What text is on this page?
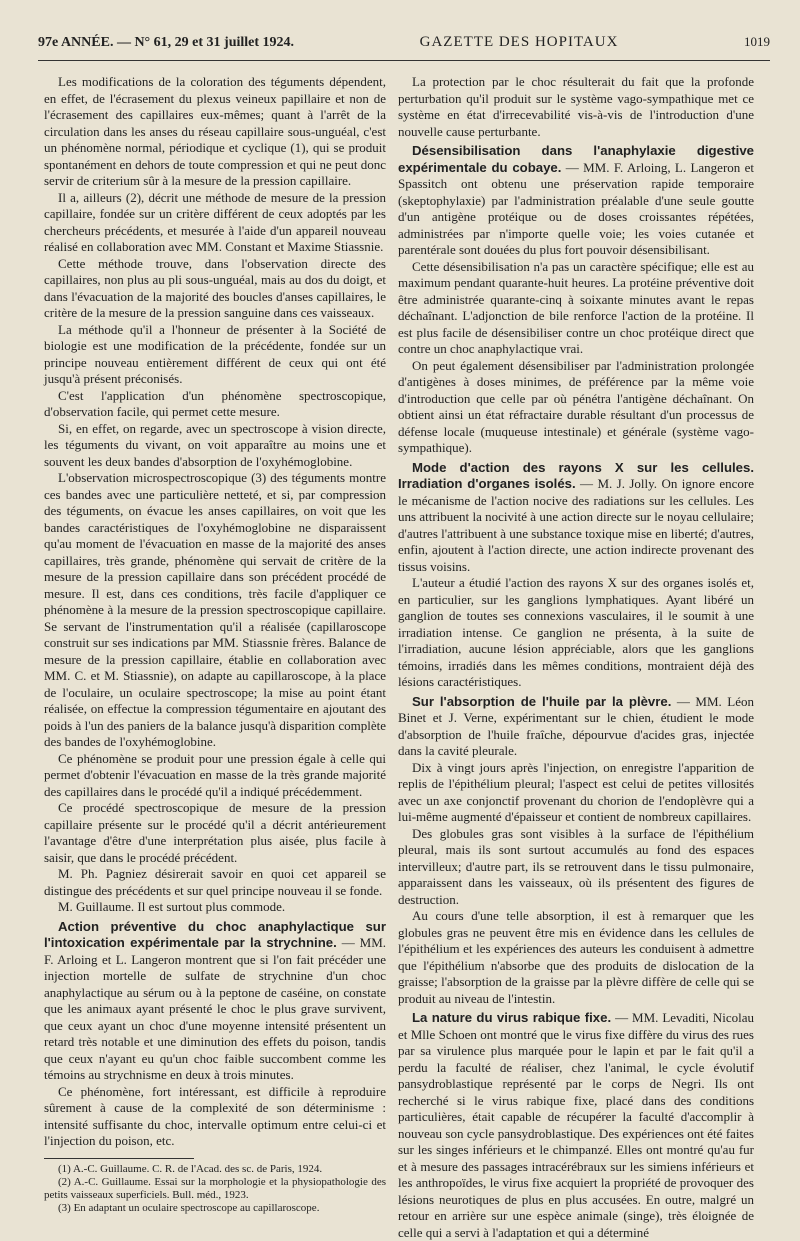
97e ANNÉE. — N° 61, 29 et 31 juillet 1924.	GAZETTE DES HOPITAUX	1019

Les modifications de la coloration des téguments dépendent, en effet, de l'écrasement du plexus veineux papillaire et non de l'écrasement des capillaires eux-mêmes; quant à l'arrêt de la circulation dans les anses du réseau capillaire sous-unguéal, c'est un phénomène normal, périodique et cyclique (1), qui se produit spontanément en dehors de toute compression et qui ne peut donc servir de criterium sûr à la mesure de la pression capillaire.

Il a, ailleurs (2), décrit une méthode de mesure de la pression capillaire, fondée sur un critère différent de ceux adoptés par les chercheurs précédents, et mesurée à l'aide d'un appareil nouveau réalisé en collaboration avec MM. Constant et Maxime Stiassnie.

Cette méthode trouve, dans l'observation directe des capillaires, non plus au pli sous-unguéal, mais au dos du doigt, et dans l'évacuation de la majorité des boucles d'anses capillaires, le critère de la mesure de la pression sanguine dans ces vaisseaux.

La méthode qu'il a l'honneur de présenter à la Société de biologie est une modification de la précédente, fondée sur un principe nouveau entièrement différent de ceux qui ont été jusqu'à présent préconisés.

C'est l'application d'un phénomène spectroscopique, d'observation facile, qui permet cette mesure.

Si, en effet, on regarde, avec un spectroscope à vision directe, les téguments du vivant, on voit apparaître au moins une et souvent les deux bandes d'absorption de l'oxyhémoglobine.

L'observation microspectroscopique (3) des téguments montre ces bandes avec une particulière netteté, et si, par compression des téguments, on évacue les anses capillaires, on voit que les bandes caractéristiques de l'oxyhémoglobine ne disparaissent qu'au moment de l'évacuation en masse de la majorité des anses capillaires, très grande, phénomène qui servait de critère de la mesure de la pression capillaire dans son précédent procédé de mesure. Il est, dans ces conditions, très facile d'appliquer ce phénomène à la mesure de la pression spectroscopique capillaire. Se servant de l'instrumentation qu'il a réalisée (capillaroscope construit sur ses indications par MM. Stiassnie frères. Balance de mesure de la pression capillaire, établie en collaboration avec MM. C. et M. Stiassnie), on adapte au capillaroscope, à la place de l'oculaire, un oculaire spectroscope; la mise au point étant réalisée, on effectue la compression tégumentaire en ajoutant des poids à l'un des paniers de la balance jusqu'à disparition complète des bandes de l'oxyhémoglobine.

Ce phénomène se produit pour une pression égale à celle qui permet d'obtenir l'évacuation en masse de la très grande majorité des capillaires dans le procédé qu'il a indiqué précédemment.

Ce procédé spectroscopique de mesure de la pression capillaire présente sur le procédé qu'il a décrit antérieurement l'avantage d'être d'une interprétation plus aisée, plus facile à saisir, que dans le procédé précédent.

M. Ph. Pagniez désirerait savoir en quoi cet appareil se distingue des précédents et sur quel principe nouveau il se fonde.

M. Guillaume. Il est surtout plus commode.

Action préventive du choc anaphylactique sur l'intoxication expérimentale par la strychnine. — MM. F. Arloing et L. Langeron montrent que si l'on fait précéder une injection mortelle de sulfate de strychnine d'un choc anaphylactique au sérum ou à la peptone de caséine, on constate que les animaux ayant présenté le choc le plus grave survivent, que ceux ayant un choc d'une moyenne intensité présentent un retard très notable et une diminution des effets du poison, tandis que ceux n'ayant eu qu'un choc faible succombent comme les témoins au strychnisme en deux à trois minutes.

Ce phénomène, fort intéressant, est difficile à reproduire sûrement à cause de la complexité de son déterminisme : intensité suffisante du choc, intervalle optimum entre celui-ci et l'injection du poison, etc.

(1) A.-C. Guillaume. C. R. de l'Acad. des sc. de Paris, 1924.

(2) A.-C. Guillaume. Essai sur la morphologie et la physiopathologie des petits vaisseaux superficiels. Bull. méd., 1923.

(3) En adaptant un oculaire spectroscope au capillaroscope.

La protection par le choc résulterait du fait que la profonde perturbation qu'il produit sur le système vago-sympathique met ce système en état d'irrecevabilité vis-à-vis de l'introduction d'une nouvelle cause perturbante.

Désensibilisation dans l'anaphylaxie digestive expérimentale du cobaye. — MM. F. Arloing, L. Langeron et Spassitch ont obtenu une préservation rapide temporaire (skeptophylaxie) par l'administration préalable d'une seule goutte d'un antigène protéique ou de doses croissantes répétées, administrées par n'importe quelle voie; les voies cutanée et parentérale sont douées du plus fort pouvoir désensibilisant.

Cette désensibilisation n'a pas un caractère spécifique; elle est au maximum pendant quarante-huit heures. La protéine préventive doit être administrée quarante-cinq à soixante minutes avant le repas déchaînant. L'adjonction de bile renforce l'action de la protéine. Il est plus facile de désensibiliser contre un choc protéique direct que contre un choc anaphylactique vrai.

On peut également désensibiliser par l'administration prolongée d'antigènes à doses minimes, de préférence par la même voie d'introduction que celle par où pénétra l'antigène déchaînant. On obtient ainsi un état réfractaire durable résultant d'un processus de défense locale (muqueuse intestinale) et générale (système vago-sympathique).

Mode d'action des rayons X sur les cellules. Irradiation d'organes isolés. — M. J. Jolly. On ignore encore le mécanisme de l'action nocive des radiations sur les cellules. Les uns attribuent la nocivité à une action directe sur le noyau cellulaire; d'autres l'attribuent à une substance toxique mise en liberté; d'autres, enfin, ajoutent à l'action directe, une action indirecte provenant des tissus voisins.

L'auteur a étudié l'action des rayons X sur des organes isolés et, en particulier, sur les ganglions lymphatiques. Ayant libéré un ganglion de toutes ses connexions vasculaires, il le soumit à une irradiation intense. Ce ganglion ne présenta, à la suite de l'irradiation, aucune lésion appréciable, alors que les ganglions témoins, irradiés dans les mêmes conditions, montraient déjà des lésions caractéristiques.

Sur l'absorption de l'huile par la plèvre. — MM. Léon Binet et J. Verne, expérimentant sur le chien, étudient le mode d'absorption de l'huile fraîche, dépourvue d'acides gras, injectée dans la cavité pleurale.

Dix à vingt jours après l'injection, on enregistre l'apparition de replis de l'épithélium pleural; l'aspect est celui de petites villosités avec un axe conjonctif provenant du chorion de l'endoplèvre qui a lui-même augmenté d'épaisseur et contient de nombreux capillaires.

Des globules gras sont visibles à la surface de l'épithélium pleural, mais ils sont surtout accumulés au fond des espaces intervilleux; d'autre part, ils se retrouvent dans le tissu pulmonaire, apparaissent dans les vaisseaux, où ils présentent des figures de destruction.

Au cours d'une telle absorption, il est à remarquer que les globules gras ne peuvent être mis en évidence dans les cellules de l'épithélium et les expériences des auteurs les conduisent à admettre que l'épithélium n'absorbe que des produits de dislocation de la graisse; l'absorption de la graisse par la plèvre diffère de celle qui se produit au niveau de l'intestin.

La nature du virus rabique fixe. — MM. Levaditi, Nicolau et Mlle Schoen ont montré que le virus fixe diffère du virus des rues par sa virulence plus marquée pour le lapin et par le fait qu'il a perdu la faculté de réaliser, chez l'animal, le cycle évolutif pansydroblastique représenté par le corps de Negri. Ils ont recherché si le virus rabique fixe, placé dans des conditions particulières, était capable de récupérer la faculté d'accomplir à nouveau son cycle pansydroblastique. Des expériences ont été faites sur les singes inférieurs et le chimpanzé. Elles ont montré qu'au fur et à mesure des passages intracérébraux sur les simiens inférieurs et les anthropoïdes, le virus fixe acquiert la propriété de provoquer des lésions neurotiques de plus en plus accusées. En outre, malgré un retour en arrière sur une espèce animale (singe), très éloignée de celle qui a servi à l'adaptation et qui a déterminé
